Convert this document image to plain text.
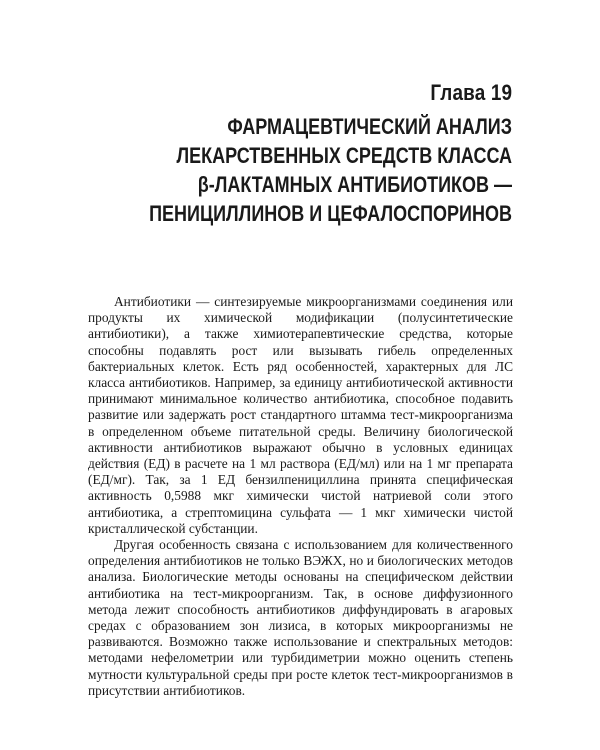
Глава 19
ФАРМАЦЕВТИЧЕСКИЙ АНАЛИЗ
ЛЕКАРСТВЕННЫХ СРЕДСТВ КЛАССА
β-ЛАКТАМНЫХ АНТИБИОТИКОВ —
ПЕНИЦИЛЛИНОВ И ЦЕФАЛОСПОРИНОВ

Антибиотики — синтезируемые микроорганизмами соединения или продукты их химической модификации (полусинтетические антибиотики), а также химиотерапевтические средства, которые способны подавлять рост или вызывать гибель определенных бактериальных клеток. Есть ряд особенностей, характерных для ЛС класса антибиотиков. Например, за единицу антибиотической активности принимают минимальное количество антибиотика, способное подавить развитие или задержать рост стандартного штамма тест-микроорганизма в определенном объеме питательной среды. Величину биологической активности антибиотиков выражают обычно в условных единицах действия (ЕД) в расчете на 1 мл раствора (ЕД/мл) или на 1 мг препарата (ЕД/мг). Так, за 1 ЕД бензилпенициллина принята специфическая активность 0,5988 мкг химически чистой натриевой соли этого антибиотика, а стрептомицина сульфата — 1 мкг химически чистой кристаллической субстанции.

Другая особенность связана с использованием для количественного определения антибиотиков не только ВЭЖХ, но и биологических методов анализа. Биологические методы основаны на специфическом действии антибиотика на тест-микроорганизм. Так, в основе диффузионного метода лежит способность антибиотиков диффундировать в агаровых средах с образованием зон лизиса, в которых микроорганизмы не развиваются. Возможно также использование и спектральных методов: методами нефелометрии или турбидиметрии можно оценить степень мутности культуральной среды при росте клеток тест-микроорганизмов в присутствии антибиотиков.
